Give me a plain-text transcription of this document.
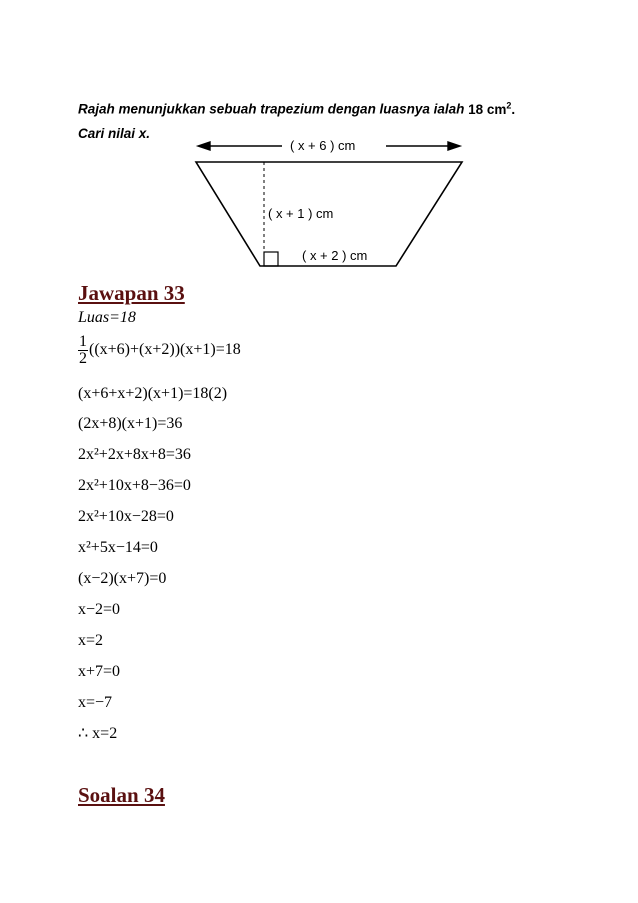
Rajah menunjukkan sebuah trapezium dengan luasnya ialah 18 $cm^2$.
Cari nilai x.
( x + 6 ) cm
( x + 1 ) cm
( x + 2 ) cm
Jawapan 33
Luas=18
$\frac{1}{2} ((x+6)+(x+2))(x+1)=18$
(x+6+x+2)(x+1)=18(2)
(2x+8)(x+1)=36
2x²+2x+8x+8=36
2x²+10x+8−36=0
2x²+10x−28=0
x²+5x−14=0
(x−2)(x+7)=0
x−2=0
x=2
x+7=0
x=−7
∴ x=2
Soalan 34
